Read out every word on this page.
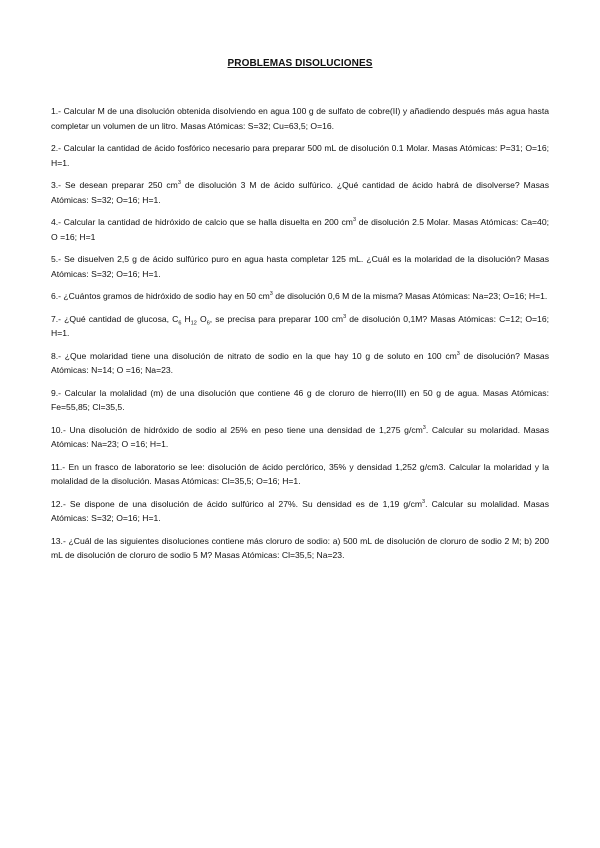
PROBLEMAS DISOLUCIONES

1.- Calcular M de una disolución obtenida disolviendo en agua 100 g de sulfato de cobre(II) y añadiendo después más agua hasta completar un volumen de un litro. Masas Atómicas: S=32; Cu=63,5; O=16.

2.- Calcular la cantidad de ácido fosfórico necesario para preparar 500 mL de disolución 0.1 Molar. Masas Atómicas: P=31; O=16; H=1.

3.- Se desean preparar 250 $cm^3$ de disolución 3 M de ácido sulfúrico. ¿Qué cantidad de ácido habrá de disolverse? Masas Atómicas: S=32; O=16; H=1.

4.- Calcular la cantidad de hidróxido de calcio que se halla disuelta en 200 $cm^3$ de disolución 2.5 Molar. Masas Atómicas: Ca=40; O =16; H=1

5.- Se disuelven 2,5 g de ácido sulfúrico puro en agua hasta completar 125 mL. ¿Cuál es la molaridad de la disolución? Masas Atómicas: S=32; O=16; H=1.

6.- ¿Cuántos gramos de hidróxido de sodio hay en 50 $cm^3$ de disolución 0,6 M de la misma? Masas Atómicas: Na=23; O=16; H=1.

7.- ¿Qué cantidad de glucosa, $C_6$ $H_{12}$ $O_6$, se precisa para preparar 100 $cm^3$ de disolución 0,1M? Masas Atómicas: C=12; O=16; H=1.

8.- ¿Que molaridad tiene una disolución de nitrato de sodio en la que hay 10 g de soluto en 100 $cm^3$ de disolución? Masas Atómicas: N=14; O =16; Na=23.

9.- Calcular la molalidad (m) de una disolución que contiene 46 g de cloruro de hierro(III) en 50 g de agua. Masas Atómicas: Fe=55,85; Cl=35,5.

10.- Una disolución de hidróxido de sodio al 25% en peso tiene una densidad de 1,275 $g/cm^3$. Calcular su molaridad. Masas Atómicas: Na=23; O =16; H=1.

11.- En un frasco de laboratorio se lee: disolución de ácido perclórico, 35% y densidad 1,252 g/cm3. Calcular la molaridad y la molalidad de la disolución. Masas Atómicas: Cl=35,5; O=16; H=1.

12.- Se dispone de una disolución de ácido sulfúrico al 27%. Su densidad es de 1,19 $g/cm^3$. Calcular su molalidad. Masas Atómicas: S=32; O=16; H=1.

13.- ¿Cuál de las siguientes disoluciones contiene más cloruro de sodio: a) 500 mL de disolución de cloruro de sodio 2 M; b) 200 mL de disolución de cloruro de sodio 5 M? Masas Atómicas: Cl=35,5; Na=23.
